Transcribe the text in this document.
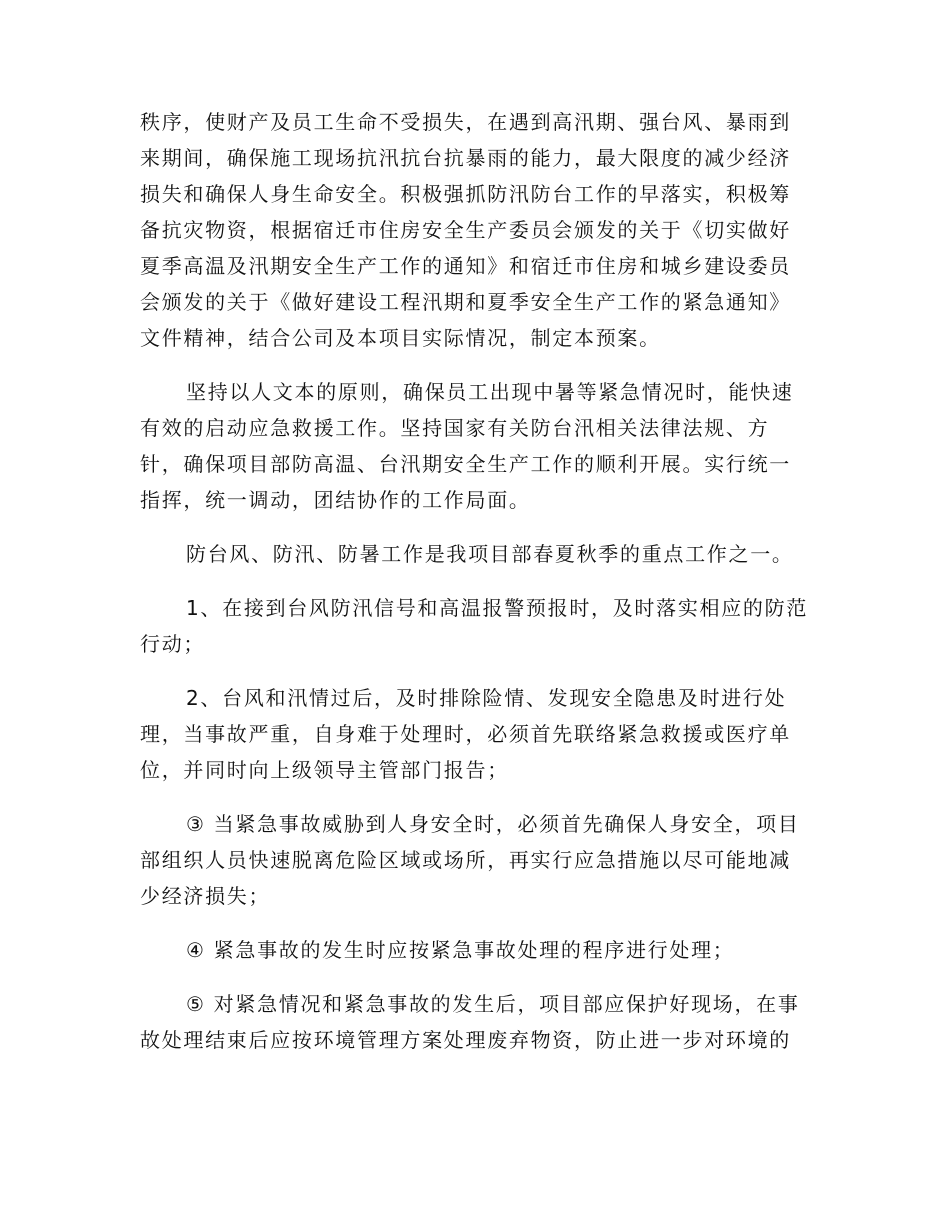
秩序，使财产及员工生命不受损失，在遇到高汛期、强台风、暴雨到
来期间，确保施工现场抗汛抗台抗暴雨的能力，最大限度的减少经济
损失和确保人身生命安全。积极强抓防汛防台工作的早落实，积极筹
备抗灾物资，根据宿迁市住房安全生产委员会颁发的关于《切实做好
夏季高温及汛期安全生产工作的通知》和宿迁市住房和城乡建设委员
会颁发的关于《做好建设工程汛期和夏季安全生产工作的紧急通知》
文件精神，结合公司及本项目实际情况，制定本预案。
坚持以人文本的原则，确保员工出现中暑等紧急情况时，能快速
有效的启动应急救援工作。坚持国家有关防台汛相关法律法规、方
针，确保项目部防高温、台汛期安全生产工作的顺利开展。实行统一
指挥，统一调动，团结协作的工作局面。
防台风、防汛、防暑工作是我项目部春夏秋季的重点工作之一。
1、在接到台风防汛信号和高温报警预报时，及时落实相应的防范
行动；
2、台风和汛情过后，及时排除险情、发现安全隐患及时进行处
理，当事故严重，自身难于处理时，必须首先联络紧急救援或医疗单
位，并同时向上级领导主管部门报告；
③ 当紧急事故威胁到人身安全时，必须首先确保人身安全，项目
部组织人员快速脱离危险区域或场所，再实行应急措施以尽可能地减
少经济损失；
④ 紧急事故的发生时应按紧急事故处理的程序进行处理；
⑤ 对紧急情况和紧急事故的发生后，项目部应保护好现场，在事
故处理结束后应按环境管理方案处理废弃物资，防止进一步对环境的
